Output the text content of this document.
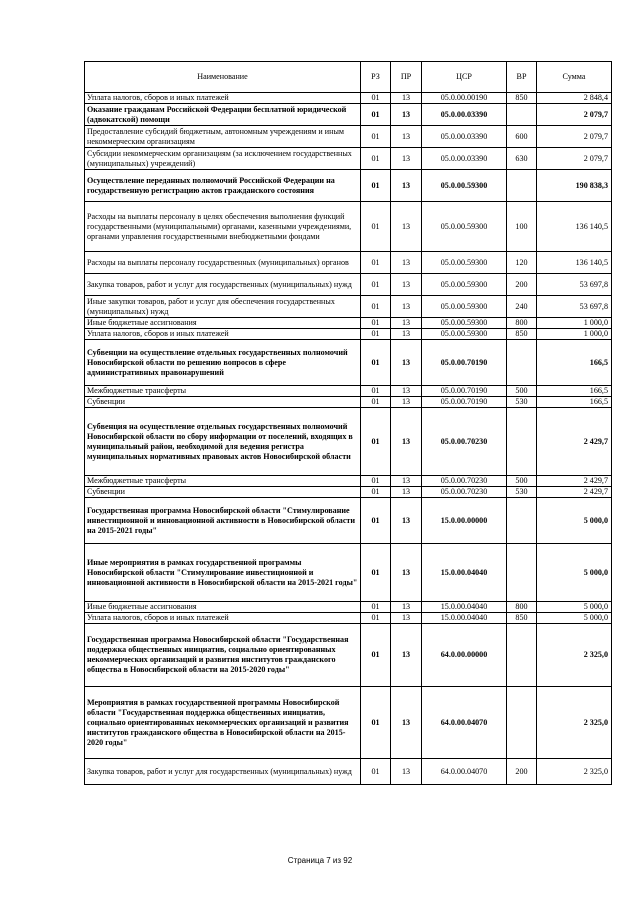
Наименование	РЗ	ПР	ЦСР	ВР	Сумма
Уплата налогов, сборов и иных платежей	01	13	05.0.00.00190	850	2 848,4
Оказание гражданам Российской Федерации бесплатной юридической (адвокатской) помощи	01	13	05.0.00.03390		2 079,7
Предоставление субсидий бюджетным, автономным учреждениям и иным некоммерческим организациям	01	13	05.0.00.03390	600	2 079,7
Субсидии некоммерческим организациям (за исключением государственных (муниципальных) учреждений)	01	13	05.0.00.03390	630	2 079,7
Осуществление переданных полномочий Российской Федерации на государственную регистрацию актов гражданского состояния	01	13	05.0.00.59300		190 838,3
Расходы на выплаты персоналу в целях обеспечения выполнения функций государственными (муниципальными) органами, казенными учреждениями, органами управления государственными внебюджетными фондами	01	13	05.0.00.59300	100	136 140,5
Расходы на выплаты персоналу государственных (муниципальных) органов	01	13	05.0.00.59300	120	136 140,5
Закупка товаров, работ и услуг для государственных (муниципальных) нужд	01	13	05.0.00.59300	200	53 697,8
Иные закупки товаров, работ и услуг для обеспечения государственных (муниципальных) нужд	01	13	05.0.00.59300	240	53 697,8
Иные бюджетные ассигнования	01	13	05.0.00.59300	800	1 000,0
Уплата налогов, сборов и иных платежей	01	13	05.0.00.59300	850	1 000,0
Субвенции на осуществление отдельных государственных полномочий Новосибирской области по решению вопросов в сфере административных правонарушений	01	13	05.0.00.70190		166,5
Межбюджетные трансферты	01	13	05.0.00.70190	500	166,5
Субвенции	01	13	05.0.00.70190	530	166,5
Субвенция на осуществление отдельных государственных полномочий Новосибирской области по сбору информации от поселений, входящих в муниципальный район, необходимой для ведения регистра муниципальных нормативных правовых актов Новосибирской области	01	13	05.0.00.70230		2 429,7
Межбюджетные трансферты	01	13	05.0.00.70230	500	2 429,7
Субвенции	01	13	05.0.00.70230	530	2 429,7
Государственная программа Новосибирской области "Стимулирование инвестиционной и инновационной активности в Новосибирской области на 2015-2021 годы"	01	13	15.0.00.00000		5 000,0
Иные мероприятия в рамках государственной программы Новосибирской области "Стимулирование инвестиционной и инновационной активности в Новосибирской области на 2015-2021 годы"	01	13	15.0.00.04040		5 000,0
Иные бюджетные ассигнования	01	13	15.0.00.04040	800	5 000,0
Уплата налогов, сборов и иных платежей	01	13	15.0.00.04040	850	5 000,0
Государственная программа Новосибирской области "Государственная поддержка общественных инициатив, социально ориентированных некоммерческих организаций и развития институтов гражданского общества в Новосибирской области на 2015-2020 годы"	01	13	64.0.00.00000		2 325,0
Мероприятия в рамках государственной программы Новосибирской области "Государственная поддержка общественных инициатив, социально ориентированных некоммерческих организаций и развития институтов гражданского общества в Новосибирской области на 2015-2020 годы"	01	13	64.0.00.04070		2 325,0
Закупка товаров, работ и услуг для государственных (муниципальных) нужд	01	13	64.0.00.04070	200	2 325,0
Страница 7 из 92
